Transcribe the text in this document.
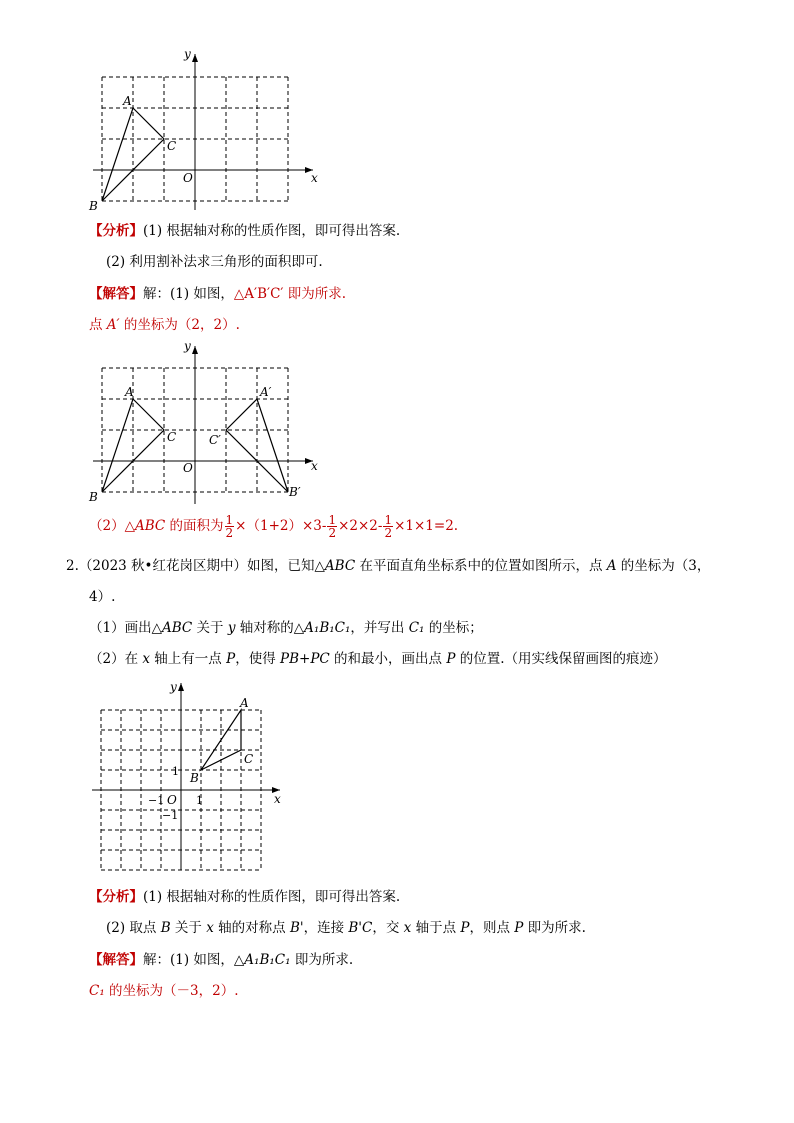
A
C
B
O	x
y
【分析】(1) 根据轴对称的性质作图，即可得出答案.
(2) 利用割补法求三角形的面积即可.
【解答】解：(1) 如图，△A′B′C′ 即为所求.
点 A′ 的坐标为（2，2）.
A
C
B
A′
C′
B′
O	x
y
（2）△ABC 的面积为 $\frac{1}{2} \times(1+2)\times 3- \frac{1}{2} \times 2\times 2- \frac{1}{2} \times 1\times 1=2$.
2.（2023 秋•红花岗区期中）如图，已知△ABC 在平面直角坐标系中的位置如图所示，点 A 的坐标为（3，
4）.
（1）画出△ABC 关于 y 轴对称的△A₁B₁C₁，并写出 C₁ 的坐标；
（2）在 x 轴上有一点 P，使得 PB+PC 的和最小，画出点 P 的位置.（用实线保留画图的痕迹）
A
C
B
1
−1 O 1
−1
x
y
【分析】(1) 根据轴对称的性质作图，即可得出答案.
(2) 取点 B 关于 x 轴的对称点 B'，连接 B'C，交 x 轴于点 P，则点 P 即为所求.
【解答】解：(1) 如图，△A₁B₁C₁ 即为所求.
C₁ 的坐标为（－3，2）.
